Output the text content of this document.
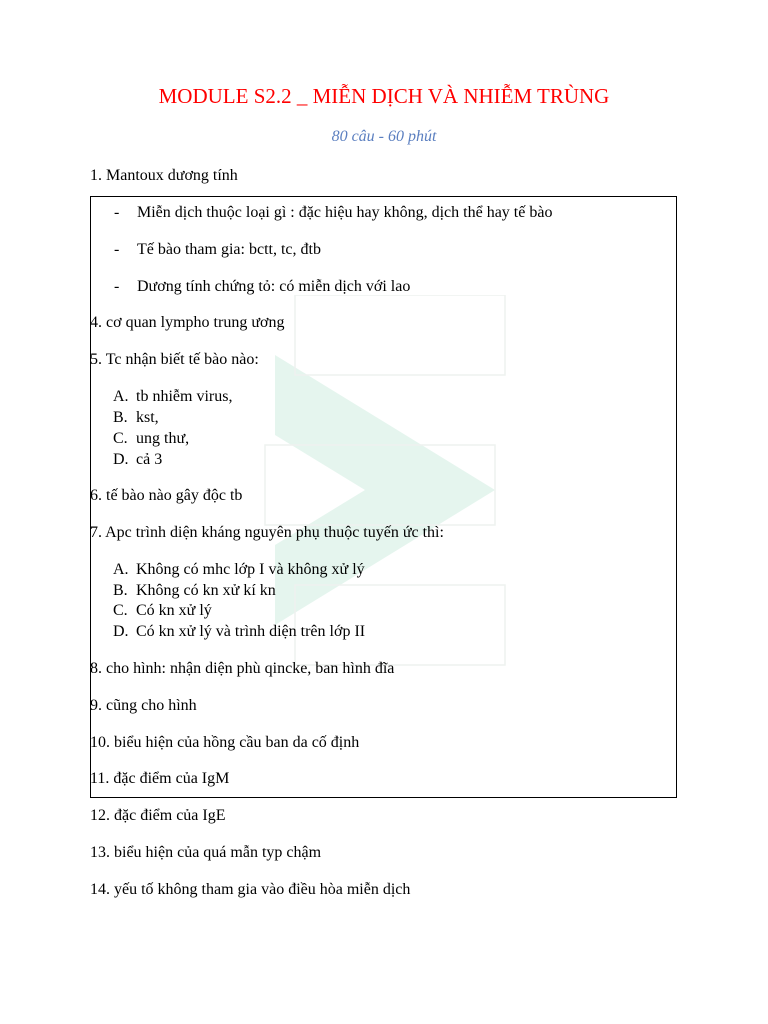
MODULE S2.2 _ MIỄN DỊCH VÀ NHIỄM TRÙNG
80 câu - 60 phút
1. Mantoux dương tính
- Miễn dịch thuộc loại gì : đặc hiệu hay không, dịch thể hay tế bào
- Tế bào tham gia: bctt, tc, đtb
- Dương tính chứng tỏ: có miễn dịch với lao
4. cơ quan lympho trung ương
5. Tc nhận biết tế bào nào:
A. tb nhiễm virus,
B. kst,
C. ung thư,
D. cả 3
6. tế bào nào gây độc tb
7. Apc trình diện kháng nguyên phụ thuộc tuyến ức thì:
A. Không có mhc lớp I và không xử lý
B. Không có kn xử kí kn
C. Có kn xử lý
D. Có kn xử lý và trình diện trên lớp II
8. cho hình: nhận diện phù qincke, ban hình đĩa
9. cũng cho hình
10. biểu hiện của hồng cầu ban da cố định
11. đặc điểm của IgM
12. đặc điểm của IgE
13. biểu hiện của quá mẫn typ chậm
14. yếu tố không tham gia vào điều hòa miễn dịch
